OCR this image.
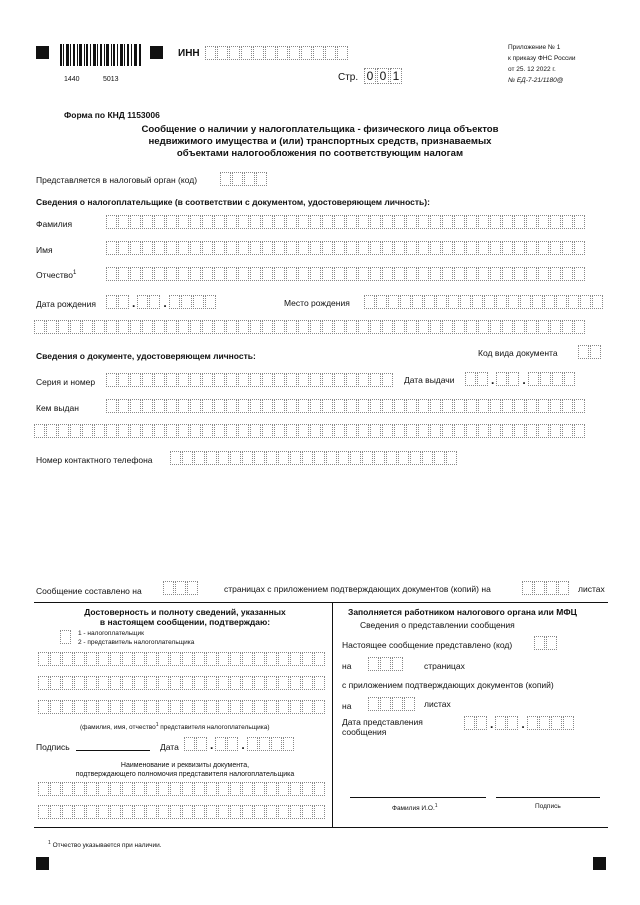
1440	5013
ИНН
Стр. 0 0 1
Приложение № 1
к приказу ФНС России
от 25. 12 2022 г.
№ ЕД-7-21/1180@
Форма по КНД 1153006
Сообщение о наличии у налогоплательщика - физического лица объектов
недвижимого имущества и (или) транспортных средств, признаваемых
объектами налогообложения по соответствующим налогам
Представляется в налоговый орган (код)
Сведения о налогоплательщике (в соответствии с документом, удостоверяющем личность):
Фамилия
Имя
Отчество$^1$
Дата рождения	. .	Место рождения
Сведения о документе, удостоверяющем личность:	Код вида документа
Серия и номер	Дата выдачи	. .
Кем выдан
Номер контактного телефона
Сообщение составлено на	страницах с приложением подтверждающих документов (копий) на	листах
Достоверность и полноту сведений, указанных
в настоящем сообщении, подтверждаю:
1 - налогоплательщик
2 - представитель налогоплательщика
(фамилия, имя, отчество$^1$ представителя налогоплательщика)
Подпись	Дата	. .
Наименование и реквизиты документа,
подтверждающего полномочия представителя налогоплательщика
Заполняется работником налогового органа или МФЦ
Сведения о представлении сообщения
Настоящее сообщение представлено (код)
на	страницах
с приложением подтверждающих документов (копий)
на	листах
Дата представления
сообщения
. .
Фамилия И.О.$^1$	Подпись
$^1$ Отчество указывается при наличии.
